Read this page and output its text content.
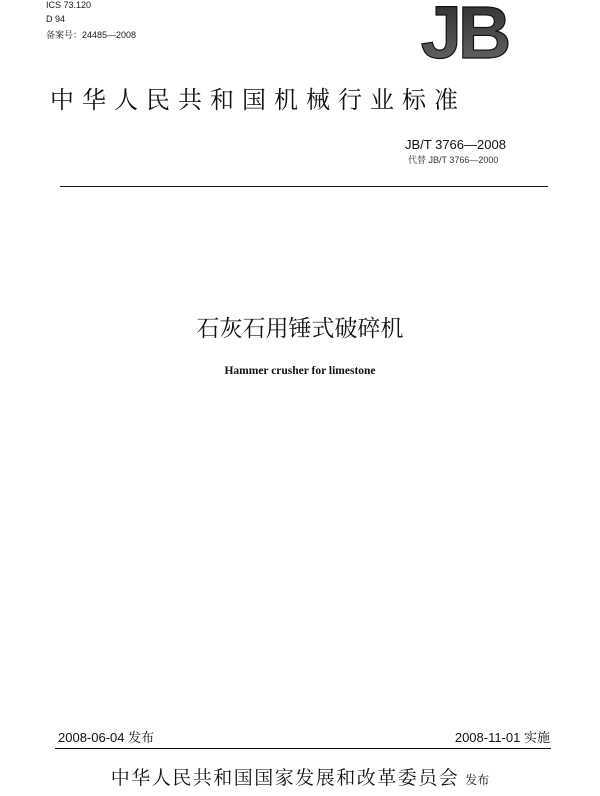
ICS 73.120
D 94
备案号：24485—2008	JB
中华人民共和国机械行业标准
JB/T 3766—2008
代替 JB/T 3766—2000
石灰石用锤式破碎机
Hammer crusher for limestone
2008-06-04 发布	2008-11-01 实施
中华人民共和国国家发展和改革委员会 发布
